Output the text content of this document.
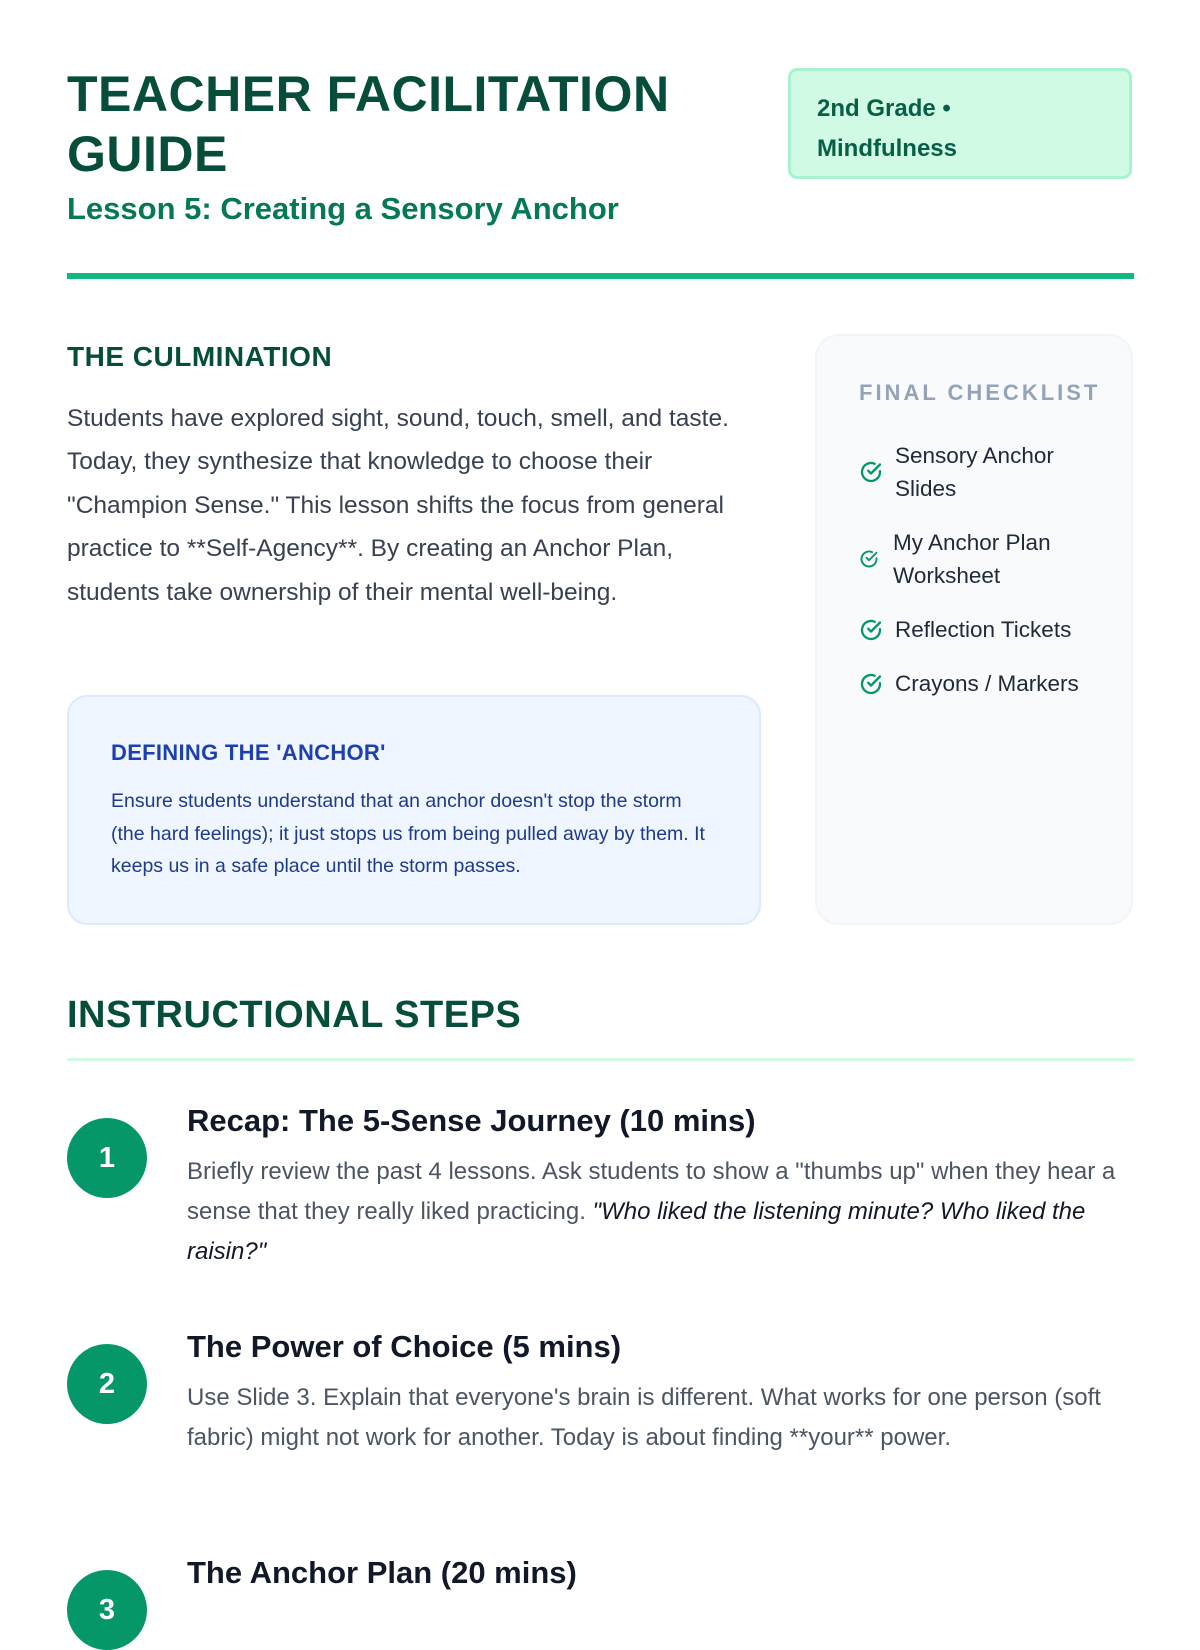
TEACHER FACILITATION GUIDE
Lesson 5: Creating a Sensory Anchor
2nd Grade •
Mindfulness
THE CULMINATION

Students have explored sight, sound, touch, smell, and taste. Today, they synthesize that knowledge to choose their "Champion Sense." This lesson shifts the focus from general practice to **Self-Agency**. By creating an Anchor Plan, students take ownership of their mental well-being.

DEFINING THE 'ANCHOR'

Ensure students understand that an anchor doesn't stop the storm (the hard feelings); it just stops us from being pulled away by them. It keeps us in a safe place until the storm passes.

FINAL CHECKLIST
Sensory Anchor Slides
My Anchor Plan Worksheet
Reflection Tickets
Crayons / Markers
INSTRUCTIONAL STEPS
1
Recap: The 5-Sense Journey (10 mins)

Briefly review the past 4 lessons. Ask students to show a "thumbs up" when they hear a sense that they really liked practicing. "Who liked the listening minute? Who liked the raisin?"

2
The Power of Choice (5 mins)

Use Slide 3. Explain that everyone's brain is different. What works for one person (soft fabric) might not work for another. Today is about finding **your** power.

3
The Anchor Plan (20 mins)
